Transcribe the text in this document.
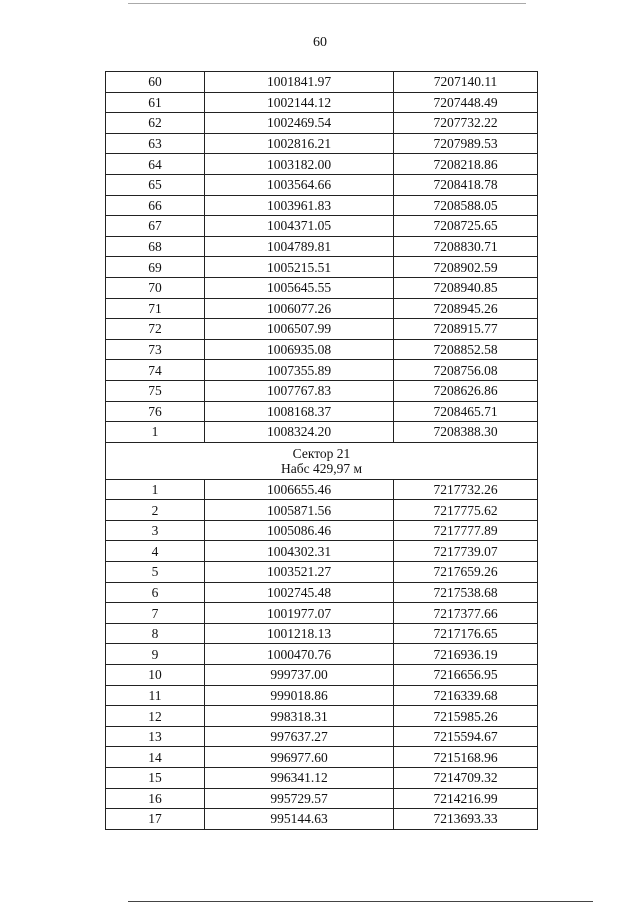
60
60	1001841.97	7207140.11
61	1002144.12	7207448.49
62	1002469.54	7207732.22
63	1002816.21	7207989.53
64	1003182.00	7208218.86
65	1003564.66	7208418.78
66	1003961.83	7208588.05
67	1004371.05	7208725.65
68	1004789.81	7208830.71
69	1005215.51	7208902.59
70	1005645.55	7208940.85
71	1006077.26	7208945.26
72	1006507.99	7208915.77
73	1006935.08	7208852.58
74	1007355.89	7208756.08
75	1007767.83	7208626.86
76	1008168.37	7208465.71
1	1008324.20	7208388.30

Сектор 21
Набс 429,97 м		

1	1006655.46	7217732.26
2	1005871.56	7217775.62
3	1005086.46	7217777.89
4	1004302.31	7217739.07
5	1003521.27	7217659.26
6	1002745.48	7217538.68
7	1001977.07	7217377.66
8	1001218.13	7217176.65
9	1000470.76	7216936.19
10	999737.00	7216656.95
11	999018.86	7216339.68
12	998318.31	7215985.26
13	997637.27	7215594.67
14	996977.60	7215168.96
15	996341.12	7214709.32
16	995729.57	7214216.99
17	995144.63	7213693.33
